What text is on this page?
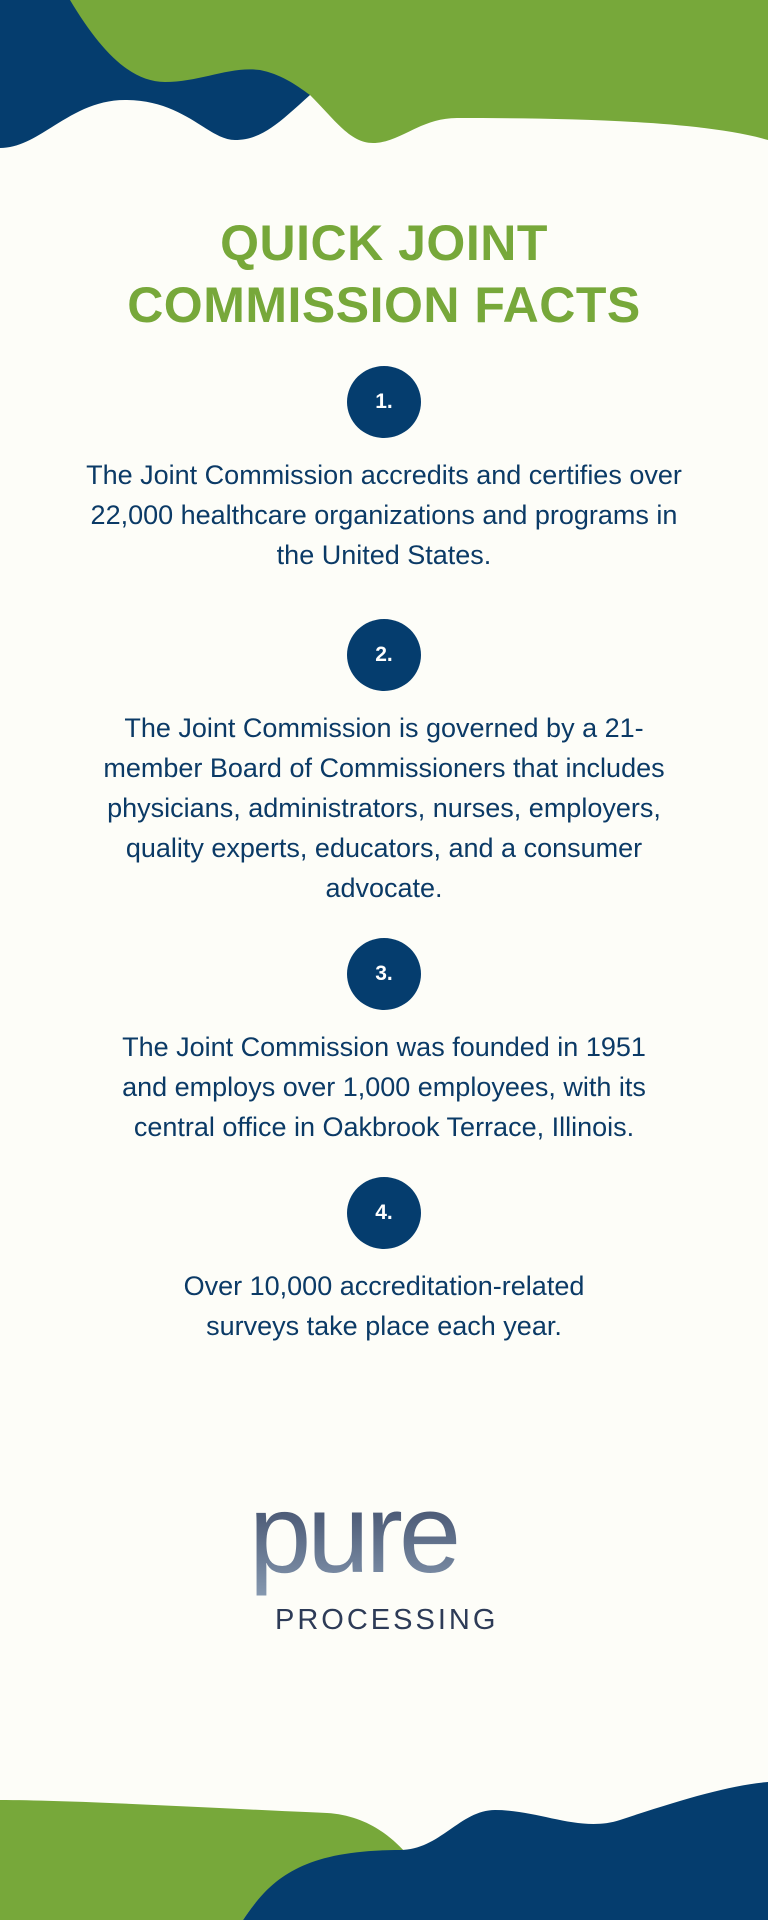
QUICK JOINT
COMMISSION FACTS
1.
The Joint Commission accredits and certifies over 22,000 healthcare organizations and programs in the United States.
2.
The Joint Commission is governed by a 21-member Board of Commissioners that includes physicians, administrators, nurses, employers, quality experts, educators, and a consumer advocate.
3.
The Joint Commission was founded in 1951 and employs over 1,000 employees, with its central office in Oakbrook Terrace, Illinois.
4.
Over 10,000 accreditation-related surveys take place each year.
pure
PROCESSING
